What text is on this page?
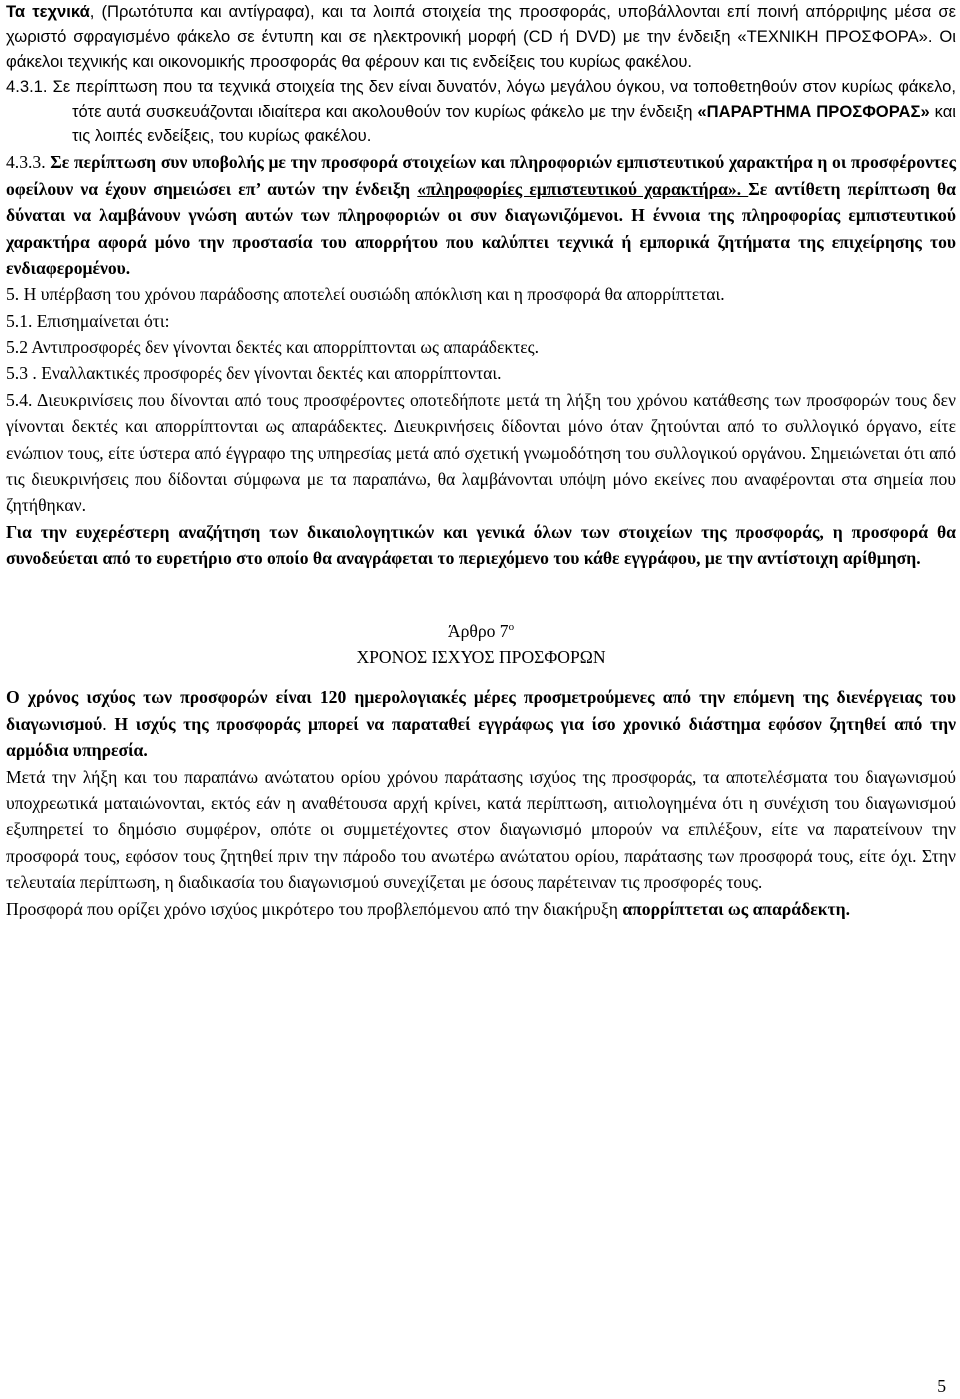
Τα τεχνικά, (Πρωτότυπα και αντίγραφα), και τα λοιπά στοιχεία της προσφοράς, υποβάλλονται επί ποινή απόρριψης μέσα σε χωριστό σφραγισμένο φάκελο σε έντυπη και σε ηλεκτρονική μορφή (CD ή DVD) με την ένδειξη «ΤΕΧΝΙΚΗ ΠΡΟΣΦΟΡΑ». Οι φάκελοι τεχνικής και οικονομικής προσφοράς θα φέρουν και τις ενδείξεις του κυρίως φακέλου.

4.3.1. Σε περίπτωση που τα τεχνικά στοιχεία της δεν είναι δυνατόν, λόγω μεγάλου όγκου, να τοποθετηθούν στον κυρίως φάκελο, τότε αυτά συσκευάζονται ιδιαίτερα και ακολουθούν τον κυρίως φάκελο με την ένδειξη «ΠΑΡΑΡΤΗΜΑ ΠΡΟΣΦΟΡΑΣ» και τις λοιπές ενδείξεις, του κυρίως φακέλου.

4.3.3. Σε περίπτωση συν υποβολής με την προσφορά στοιχείων και πληροφοριών εμπιστευτικού χαρακτήρα η οι προσφέροντες οφείλουν να έχουν σημειώσει επ’ αυτών την ένδειξη «πληροφορίες εμπιστευτικού χαρακτήρα». Σε αντίθετη περίπτωση θα δύναται να λαμβάνουν γνώση αυτών των πληροφοριών οι συν διαγωνιζόμενοι. Η έννοια της πληροφορίας εμπιστευτικού χαρακτήρα αφορά μόνο την προστασία του απορρήτου που καλύπτει τεχνικά ή εμπορικά ζητήματα της επιχείρησης του ενδιαφερομένου.

5. Η υπέρβαση του χρόνου παράδοσης αποτελεί ουσιώδη απόκλιση και η προσφορά θα απορρίπτεται.

5.1. Επισημαίνεται ότι:

5.2 Αντιπροσφορές δεν γίνονται δεκτές και απορρίπτονται ως απαράδεκτες.

5.3 . Εναλλακτικές προσφορές δεν γίνονται δεκτές και απορρίπτονται.

5.4. Διευκρινίσεις που δίνονται από τους προσφέροντες οποτεδήποτε μετά τη λήξη του χρόνου κατάθεσης των προσφορών τους δεν γίνονται δεκτές και απορρίπτονται ως απαράδεκτες. Διευκρινήσεις δίδονται μόνο όταν ζητούνται από το συλλογικό όργανο, είτε ενώπιον τους, είτε ύστερα από έγγραφο της υπηρεσίας μετά από σχετική γνωμοδότηση του συλλογικού οργάνου. Σημειώνεται ότι από τις διευκρινήσεις που δίδονται σύμφωνα με τα παραπάνω, θα λαμβάνονται υπόψη μόνο εκείνες που αναφέρονται στα σημεία που ζητήθηκαν.

Για την ευχερέστερη αναζήτηση των δικαιολογητικών και γενικά όλων των στοιχείων της προσφοράς, η προσφορά θα συνοδεύεται από το ευρετήριο στο οποίο θα αναγράφεται το περιεχόμενο του κάθε εγγράφου, με την αντίστοιχη αρίθμηση.

Άρθρο $7^o$

ΧΡΟΝΟΣ ΙΣΧΥΟΣ ΠΡΟΣΦΟΡΩΝ

Ο χρόνος ισχύος των προσφορών είναι 120 ημερολογιακές μέρες προσμετρούμενες από την επόμενη της διενέργειας του διαγωνισμού. Η ισχύς της προσφοράς μπορεί να παραταθεί εγγράφως για ίσο χρονικό διάστημα εφόσον ζητηθεί από την αρμόδια υπηρεσία.

Μετά την λήξη και του παραπάνω ανώτατου ορίου χρόνου παράτασης ισχύος της προσφοράς, τα αποτελέσματα του διαγωνισμού υποχρεωτικά ματαιώνονται, εκτός εάν η αναθέτουσα αρχή κρίνει, κατά περίπτωση, αιτιολογημένα ότι η συνέχιση του διαγωνισμού εξυπηρετεί το δημόσιο συμφέρον, οπότε οι συμμετέχοντες στον διαγωνισμό μπορούν να επιλέξουν, είτε να παρατείνουν την προσφορά τους, εφόσον τους ζητηθεί πριν την πάροδο του ανωτέρω ανώτατου ορίου, παράτασης των προσφορά τους, είτε όχι. Στην τελευταία περίπτωση, η διαδικασία του διαγωνισμού συνεχίζεται με όσους παρέτειναν τις προσφορές τους.

Προσφορά που ορίζει χρόνο ισχύος μικρότερο του προβλεπόμενου από την διακήρυξη απορρίπτεται ως απαράδεκτη.

5
